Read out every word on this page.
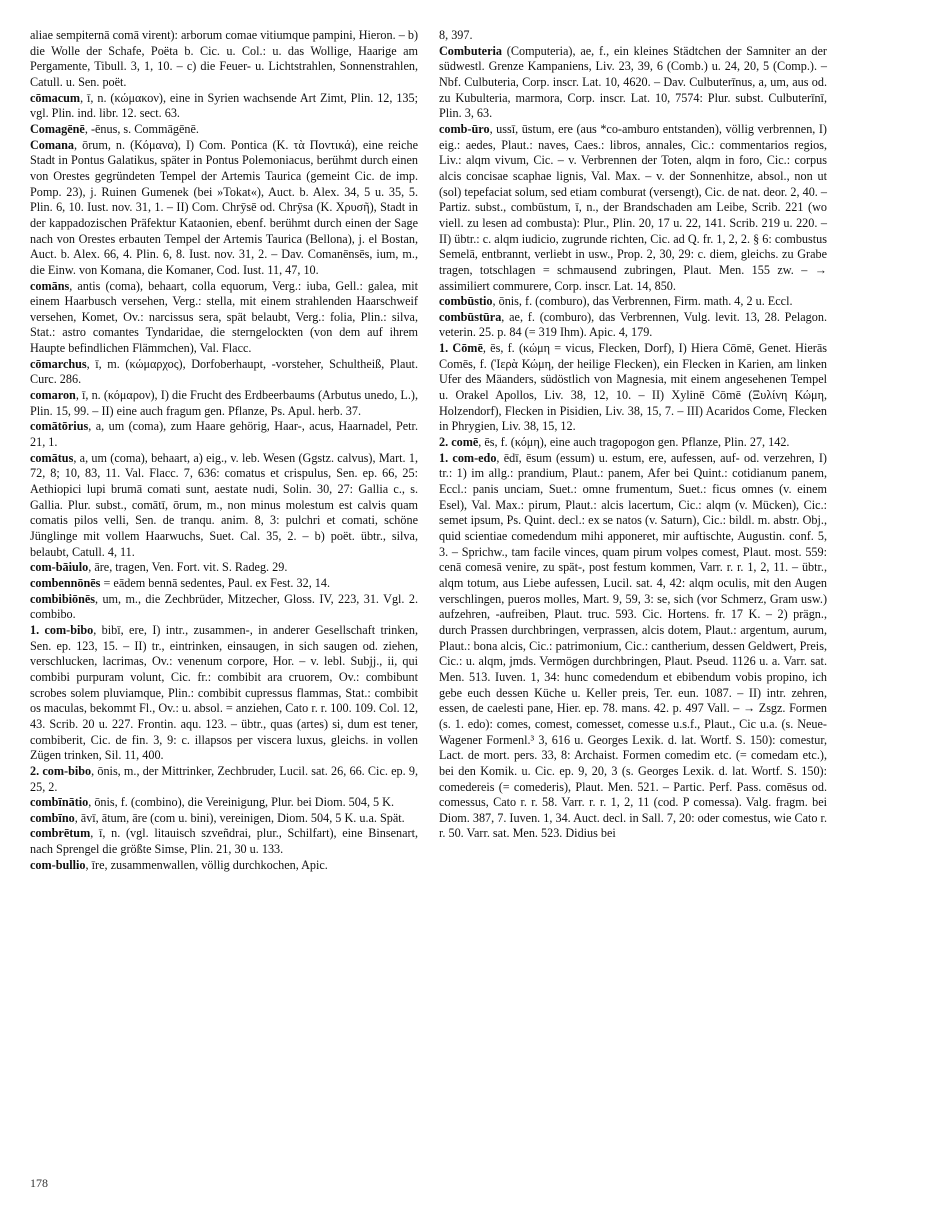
aliae sempiternā comā virent): arborum comae vitiumque pampini, Hieron. – b) die Wolle der Schafe, Poëta b. Cic. u. Col.: u. das Wollige, Haarige am Pergamente, Tibull. 3, 1, 10. – c) die Feuer- u. Lichtstrahlen, Sonnenstrahlen, Catull. u. Sen. poët.

cōmacum, ī, n. (κώμακον), eine in Syrien wachsende Art Zimt, Plin. 12, 135; vgl. Plin. ind. libr. 12. sect. 63.

Comagēnē, -ēnus, s. Commāgēnē.

Comana, ōrum, n. (Κόμανα), I) Com. Pontica (K. τὰ Ποντικά), eine reiche Stadt in Pontus Galatikus, später in Pontus Polemoniacus, berühmt durch einen von Orestes gegründeten Tempel der Artemis Taurica (gemeint Cic. de imp. Pomp. 23), j. Ruinen Gumenek (bei »Tokat«), Auct. b. Alex. 34, 5 u. 35, 5. Plin. 6, 10. Iust. nov. 31, 1. – II) Com. Chrȳsē od. Chrȳsa (K. Χρυσῆ), Stadt in der kappadozischen Präfektur Kataonien, ebenf. berühmt durch einen der Sage nach von Orestes erbauten Tempel der Artemis Taurica (Bellona), j. el Bostan, Auct. b. Alex. 66, 4. Plin. 6, 8. Iust. nov. 31, 2. – Dav. Comanēnsēs, ium, m., die Einw. von Komana, die Komaner, Cod. Iust. 11, 47, 10.

comāns, antis (coma), behaart, colla equorum, Verg.: iuba, Gell.: galea, mit einem Haarbusch versehen, Verg.: stella, mit einem strahlenden Haarschweif versehen, Komet, Ov.: narcissus sera, spät belaubt, Verg.: folia, Plin.: silva, Stat.: astro comantes Tyndaridae, die sterngelockten (von dem auf ihrem Haupte befindlichen Flämmchen), Val. Flacc.

cōmarchus, ī, m. (κώμαρχος), Dorfoberhaupt, -vorsteher, Schultheiß, Plaut. Curc. 286.

comaron, ī, n. (κόμαρον), I) die Frucht des Erdbeerbaums (Arbutus unedo, L.), Plin. 15, 99. – II) eine auch fragum gen. Pflanze, Ps. Apul. herb. 37.

comātōrius, a, um (coma), zum Haare gehörig, Haar-, acus, Haarnadel, Petr. 21, 1.

comātus, a, um (coma), behaart, a) eig., v. leb. Wesen (Ggstz. calvus), Mart. 1, 72, 8; 10, 83, 11. Val. Flacc. 7, 636: comatus et crispulus, Sen. ep. 66, 25: Aethiopici lupi brumā comati sunt, aestate nudi, Solin. 30, 27: Gallia c., s. Gallia. Plur. subst., comātī, ōrum, m., non minus molestum est calvis quam comatis pilos velli, Sen. de tranqu. anim. 8, 3: pulchri et comati, schöne Jünglinge mit vollem Haarwuchs, Suet. Cal. 35, 2. – b) poët. übtr., silva, belaubt, Catull. 4, 11.

com-bāiulo, āre, tragen, Ven. Fort. vit. S. Radeg. 29.

combennōnēs = eādem bennā sedentes, Paul. ex Fest. 32, 14.

combibiōnēs, um, m., die Zechbrüder, Mitzecher, Gloss. IV, 223, 31. Vgl. 2. combibo.

1. com-bibo, bibī, ere, I) intr., zusammen-, in anderer Gesellschaft trinken, Sen. ep. 123, 15. – II) tr., eintrinken, einsaugen, in sich saugen od. ziehen, verschlucken, lacrimas, Ov.: venenum corpore, Hor. – v. lebl. Subjj., ii, qui combibi purpuram volunt, Cic. fr.: combibit ara cruorem, Ov.: combibunt scrobes solem pluviamque, Plin.: combibit cupressus flammas, Stat.: combibit os maculas, bekommt Fl., Ov.: u. absol. = anziehen, Cato r. r. 100. 109. Col. 12, 43. Scrib. 20 u. 227. Frontin. aqu. 123. – übtr., quas (artes) si, dum est tener, combiberit, Cic. de fin. 3, 9: c. illapsos per viscera luxus, gleichs. in vollen Zügen trinken, Sil. 11, 400.

2. com-bibo, ōnis, m., der Mittrinker, Zechbruder, Lucil. sat. 26, 66. Cic. ep. 9, 25, 2.

combīnātio, ōnis, f. (combino), die Vereinigung, Plur. bei Diom. 504, 5 K.

combīno, āvī, ātum, āre (com u. bini), vereinigen, Diom. 504, 5 K. u.a. Spät.

combrētum, ī, n. (vgl. litauisch szveñdrai, plur., Schilfart), eine Binsenart, nach Sprengel die größte Simse, Plin. 21, 30 u. 133.

com-bullio, īre, zusammenwallen, völlig durchkochen, Apic.

8, 397.

Combuteria (Computeria), ae, f., ein kleines Städtchen der Samniter an der südwestl. Grenze Kampaniens, Liv. 23, 39, 6 (Comb.) u. 24, 20, 5 (Comp.). – Nbf. Culbuteria, Corp. inscr. Lat. 10, 4620. – Dav. Culbuterīnus, a, um, aus od. zu Kubulteria, marmora, Corp. inscr. Lat. 10, 7574: Plur. subst. Culbuterīnī, Plin. 3, 63.

comb-ūro, ussī, ūstum, ere (aus *co-amburo entstanden), völlig verbrennen, I) eig.: aedes, Plaut.: naves, Caes.: libros, annales, Cic.: commentarios regios, Liv.: alqm vivum, Cic. – v. Verbrennen der Toten, alqm in foro, Cic.: corpus alcis concisae scaphae lignis, Val. Max. – v. der Sonnenhitze, absol., non ut (sol) tepefaciat solum, sed etiam comburat (versengt), Cic. de nat. deor. 2, 40. – Partiz. subst., combūstum, ī, n., der Brandschaden am Leibe, Scrib. 221 (wo viell. zu lesen ad combusta): Plur., Plin. 20, 17 u. 22, 141. Scrib. 219 u. 220. – II) übtr.: c. alqm iudicio, zugrunde richten, Cic. ad Q. fr. 1, 2, 2. § 6: combustus Semelā, entbrannt, verliebt in usw., Prop. 2, 30, 29: c. diem, gleichs. zu Grabe tragen, totschlagen = schmausend zubringen, Plaut. Men. 155 zw. – → assimiliert commurere, Corp. inscr. Lat. 14, 850.

combūstio, ōnis, f. (comburo), das Verbrennen, Firm. math. 4, 2 u. Eccl.

combūstūra, ae, f. (comburo), das Verbrennen, Vulg. levit. 13, 28. Pelagon. veterin. 25. p. 84 (= 319 Ihm). Apic. 4, 179.

1. Cōmē, ēs, f. (κώμη = vicus, Flecken, Dorf), I) Hiera Cōmē, Genet. Hierās Comēs, f. (Ἱερὰ Κώμη, der heilige Flecken), ein Flecken in Karien, am linken Ufer des Mäanders, südöstlich von Magnesia, mit einem angesehenen Tempel u. Orakel Apollos, Liv. 38, 12, 10. – II) Xylinē Cōmē (Ξυλίνη Κώμη, Holzendorf), Flecken in Pisidien, Liv. 38, 15, 7. – III) Acaridos Come, Flecken in Phrygien, Liv. 38, 15, 12.

2. comē, ēs, f. (κόμη), eine auch tragopogon gen. Pflanze, Plin. 27, 142.

1. com-edo, ēdī, ēsum (essum) u. estum, ere, aufessen, auf- od. verzehren, I) tr.: 1) im allg.: prandium, Plaut.: panem, Afer bei Quint.: cotidianum panem, Eccl.: panis unciam, Suet.: omne frumentum, Suet.: ficus omnes (v. einem Esel), Val. Max.: pirum, Plaut.: alcis lacertum, Cic.: alqm (v. Mücken), Cic.: semet ipsum, Ps. Quint. decl.: ex se natos (v. Saturn), Cic.: bildl. m. abstr. Obj., quid scientiae comedendum mihi apponeret, mir auftischte, Augustin. conf. 5, 3. – Sprichw., tam facile vinces, quam pirum volpes comest, Plaut. most. 559: cenā comesā venire, zu spät-, post festum kommen, Varr. r. r. 1, 2, 11. – übtr., alqm totum, aus Liebe aufessen, Lucil. sat. 4, 42: alqm oculis, mit den Augen verschlingen, pueros molles, Mart. 9, 59, 3: se, sich (vor Schmerz, Gram usw.) aufzehren, -aufreiben, Plaut. truc. 593. Cic. Hortens. fr. 17 K. – 2) prägn., durch Prassen durchbringen, verprassen, alcis dotem, Plaut.: argentum, aurum, Plaut.: bona alcis, Cic.: patrimonium, Cic.: cantherium, dessen Geldwert, Preis, Cic.: u. alqm, jmds. Vermögen durchbringen, Plaut. Pseud. 1126 u. a. Varr. sat. Men. 513. Iuven. 1, 34: hunc comedendum et ebibendum vobis propino, ich gebe euch dessen Küche u. Keller preis, Ter. eun. 1087. – II) intr. zehren, essen, de caelesti pane, Hier. ep. 78. mans. 42. p. 497 Vall. – → Zsgz. Formen (s. 1. edo): comes, comest, comesset, comesse u.s.f., Plaut., Cic u.a. (s. Neue-Wagener Formenl.³ 3, 616 u. Georges Lexik. d. lat. Wortf. S. 150): comestur, Lact. de mort. pers. 33, 8: Archaist. Formen comedim etc. (= comedam etc.), bei den Komik. u. Cic. ep. 9, 20, 3 (s. Georges Lexik. d. lat. Wortf. S. 150): comedereis (= comederis), Plaut. Men. 521. – Partic. Perf. Pass. comēsus od. comessus, Cato r. r. 58. Varr. r. r. 1, 2, 11 (cod. P comessa). Valg. fragm. bei Diom. 387, 7. Iuven. 1, 34. Auct. decl. in Sall. 7, 20: oder comestus, wie Cato r. r. 50. Varr. sat. Men. 523. Didius bei

178
